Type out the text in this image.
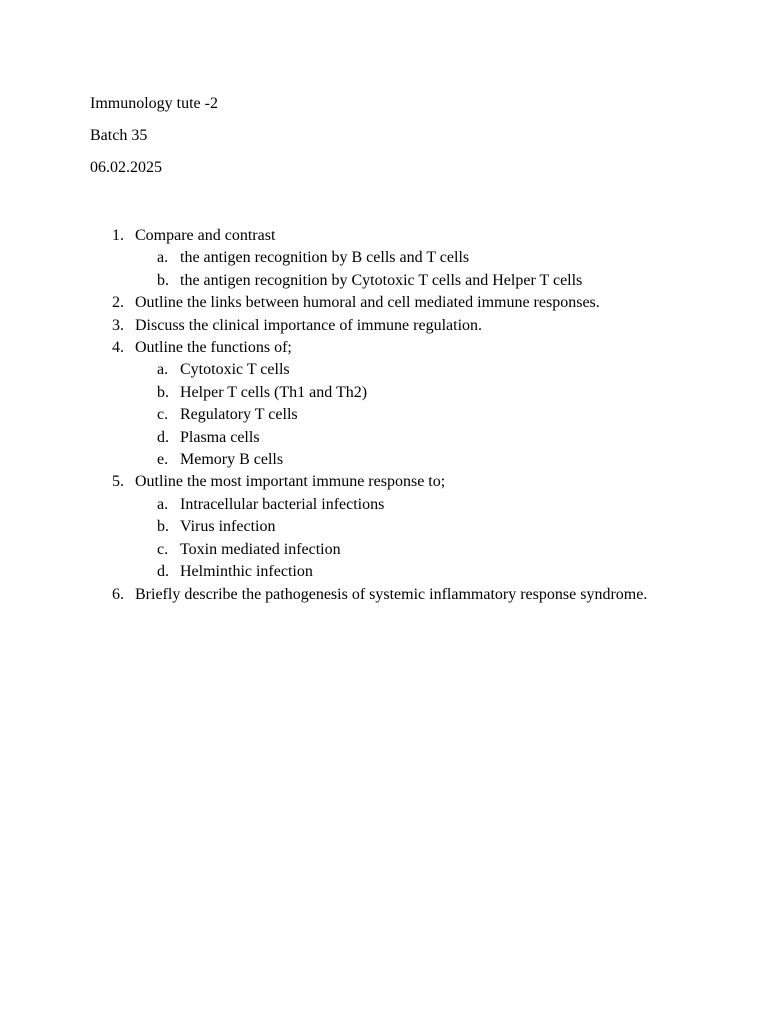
Immunology tute -2
Batch 35
06.02.2025
1. Compare and contrast
a. the antigen recognition by B cells and T cells
b. the antigen recognition by Cytotoxic T cells and Helper T cells
2. Outline the links between humoral and cell mediated immune responses.
3. Discuss the clinical importance of immune regulation.
4. Outline the functions of;
a. Cytotoxic T cells
b. Helper T cells (Th1 and Th2)
c. Regulatory T cells
d. Plasma cells
e. Memory B cells
5. Outline the most important immune response to;
a. Intracellular bacterial infections
b. Virus infection
c. Toxin mediated infection
d. Helminthic infection
6. Briefly describe the pathogenesis of systemic inflammatory response syndrome.
